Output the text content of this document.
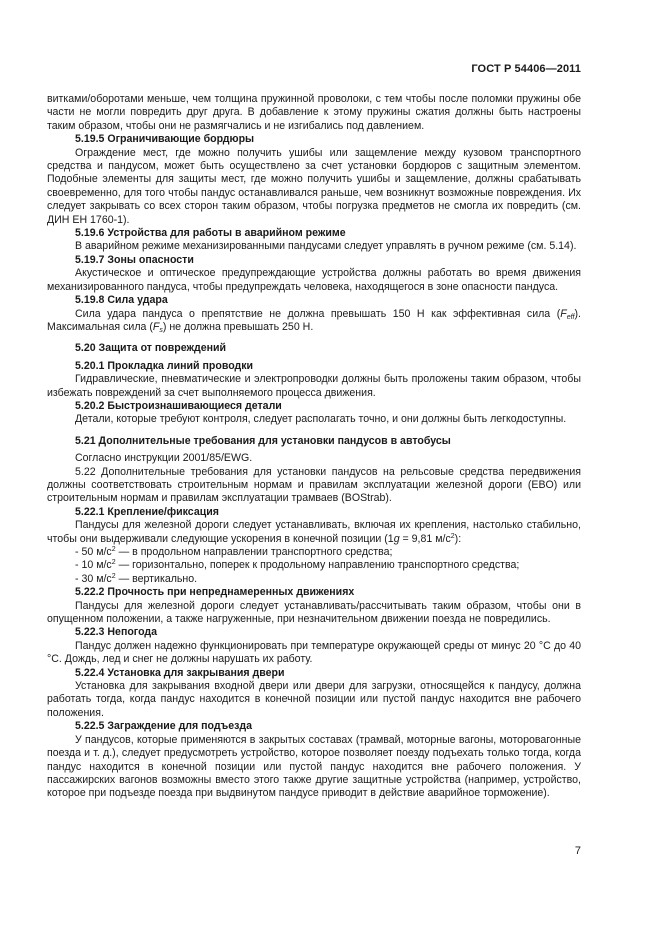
ГОСТ Р 54406—2011

витками/оборотами меньше, чем толщина пружинной проволоки, с тем чтобы после поломки пружины обе части не могли повредить друг друга. В добавление к этому пружины сжатия должны быть настроены таким образом, чтобы они не размягчались и не изгибались под давлением.

5.19.5 Ограничивающие бордюры

Ограждение мест, где можно получить ушибы или защемление между кузовом транспортного средства и пандусом, может быть осуществлено за счет установки бордюров с защитным элементом. Подобные элементы для защиты мест, где можно получить ушибы и защемление, должны срабатывать своевременно, для того чтобы пандус останавливался раньше, чем возникнут возможные повреждения. Их следует закрывать со всех сторон таким образом, чтобы погрузка предметов не смогла их повредить (см. ДИН ЕН 1760-1).

5.19.6 Устройства для работы в аварийном режиме

В аварийном режиме механизированными пандусами следует управлять в ручном режиме (см. 5.14).

5.19.7 Зоны опасности

Акустическое и оптическое предупреждающие устройства должны работать во время движения механизированного пандуса, чтобы предупреждать человека, находящегося в зоне опасности пандуса.

5.19.8 Сила удара

Сила удара пандуса о препятствие не должна превышать 150 Н как эффективная сила $(F_{eff})$. Максимальная сила $(F_s)$ не должна превышать 250 Н.

5.20 Защита от повреждений

5.20.1 Прокладка линий проводки

Гидравлические, пневматические и электропроводки должны быть проложены таким образом, чтобы избежать повреждений за счет выполняемого процесса движения.

5.20.2 Быстроизнашивающиеся детали

Детали, которые требуют контроля, следует располагать точно, и они должны быть легкодоступны.

5.21 Дополнительные требования для установки пандусов в автобусы

Согласно инструкции 2001/85/EWG.

5.22 Дополнительные требования для установки пандусов на рельсовые средства передвижения должны соответствовать строительным нормам и правилам эксплуатации железной дороги (EBO) или строительным нормам и правилам эксплуатации трамваев (BOStrab).

5.22.1 Крепление/фиксация

Пандусы для железной дороги следует устанавливать, включая их крепления, настолько стабильно, чтобы они выдерживали следующие ускорения в конечной позиции (1g = 9,81 $м/с^2$):

- 50 $м/с^2$ — в продольном направлении транспортного средства;

- 10 $м/с^2$ — горизонтально, поперек к продольному направлению транспортного средства;

- 30 $м/с^2$ — вертикально.

5.22.2 Прочность при непреднамеренных движениях

Пандусы для железной дороги следует устанавливать/рассчитывать таким образом, чтобы они в опущенном положении, а также нагруженные, при незначительном движении поезда не повредились.

5.22.3 Непогода

Пандус должен надежно функционировать при температуре окружающей среды от минус 20 °С до 40 °С. Дождь, лед и снег не должны нарушать их работу.

5.22.4 Установка для закрывания двери

Установка для закрывания входной двери или двери для загрузки, относящейся к пандусу, должна работать тогда, когда пандус находится в конечной позиции или пустой пандус находится вне рабочего положения.

5.22.5 Заграждение для подъезда

У пандусов, которые применяются в закрытых составах (трамвай, моторные вагоны, моторовагонные поезда и т. д.), следует предусмотреть устройство, которое позволяет поезду подъехать только тогда, когда пандус находится в конечной позиции или пустой пандус находится вне рабочего положения. У пассажирских вагонов возможны вместо этого также другие защитные устройства (например, устройство, которое при подъезде поезда при выдвинутом пандусе приводит в действие аварийное торможение).

7
